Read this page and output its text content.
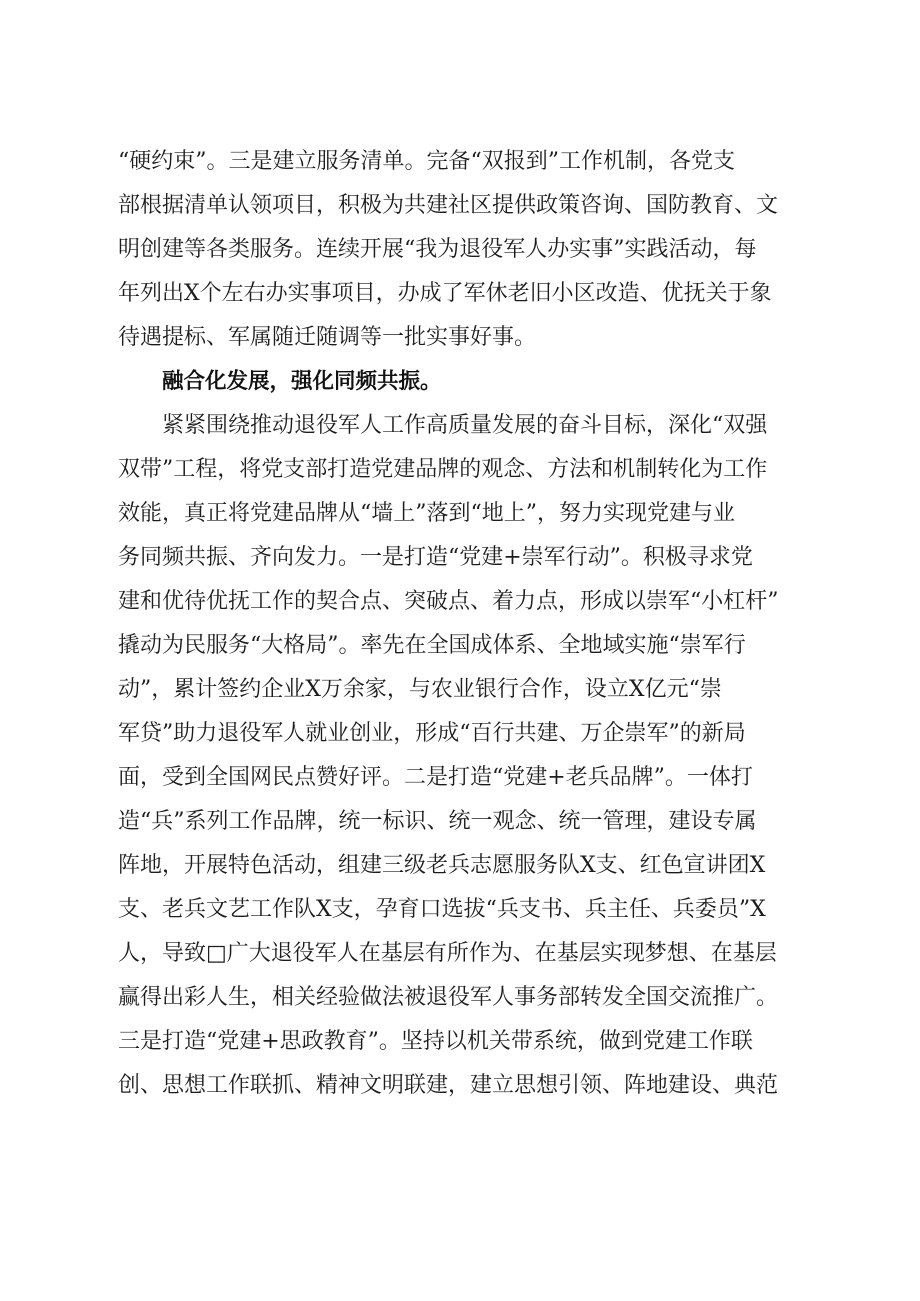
“硬约束”。三是建立服务清单。完备“双报到”工作机制，各党支
部根据清单认领项目，积极为共建社区提供政策咨询、国防教育、文
明创建等各类服务。连续开展“我为退役军人办实事”实践活动，每
年列出X个左右办实事项目，办成了军休老旧小区改造、优抚关于象
待遇提标、军属随迁随调等一批实事好事。
融合化发展，强化同频共振。
紧紧围绕推动退役军人工作高质量发展的奋斗目标，深化“双强
双带”工程，将党支部打造党建品牌的观念、方法和机制转化为工作
效能，真正将党建品牌从“墙上”落到“地上”，努力实现党建与业
务同频共振、齐向发力。一是打造“党建+崇军行动”。积极寻求党
建和优待优抚工作的契合点、突破点、着力点，形成以崇军“小杠杆”
撬动为民服务“大格局”。率先在全国成体系、全地域实施“崇军行
动”，累计签约企业X万余家，与农业银行合作，设立X亿元“崇
军贷”助力退役军人就业创业，形成“百行共建、万企崇军”的新局
面，受到全国网民点赞好评。二是打造“党建+老兵品牌”。一体打
造“兵”系列工作品牌，统一标识、统一观念、统一管理，建设专属
阵地，开展特色活动，组建三级老兵志愿服务队X支、红色宣讲团X
支、老兵文艺工作队X支，孕育口选拔“兵支书、兵主任、兵委员”X
人，导致□广大退役军人在基层有所作为、在基层实现梦想、在基层
赢得出彩人生，相关经验做法被退役军人事务部转发全国交流推广。
三是打造“党建+思政教育”。坚持以机关带系统，做到党建工作联
创、思想工作联抓、精神文明联建，建立思想引领、阵地建设、典范
